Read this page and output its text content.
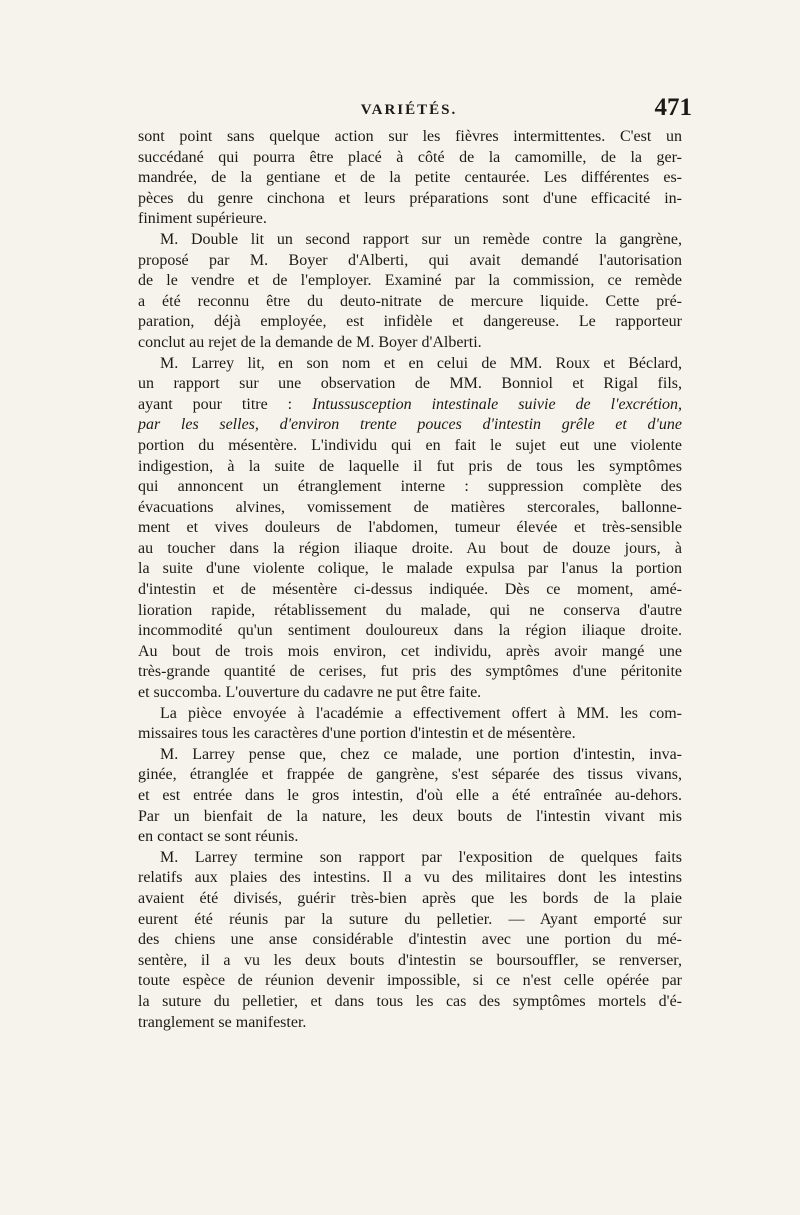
VARIÉTÉS.	471
sont point sans quelque action sur les fièvres intermittentes. C'est un
succédané qui pourra être placé à côté de la camomille, de la ger-
mandrée, de la gentiane et de la petite centaurée. Les différentes es-
pèces du genre cinchona et leurs préparations sont d'une efficacité in-
finiment supérieure.
M. Double lit un second rapport sur un remède contre la gangrène,
proposé par M. Boyer d'Alberti, qui avait demandé l'autorisation
de le vendre et de l'employer. Examiné par la commission, ce remède
a été reconnu être du deuto-nitrate de mercure liquide. Cette pré-
paration, déjà employée, est infidèle et dangereuse. Le rapporteur
conclut au rejet de la demande de M. Boyer d'Alberti.
M. Larrey lit, en son nom et en celui de MM. Roux et Béclard,
un rapport sur une observation de MM. Bonniol et Rigal fils,
ayant pour titre : Intussusception intestinale suivie de l'excrétion,
par les selles, d'environ trente pouces d'intestin grêle et d'une
portion du mésentère. L'individu qui en fait le sujet eut une violente
indigestion, à la suite de laquelle il fut pris de tous les symptômes
qui annoncent un étranglement interne : suppression complète des
évacuations alvines, vomissement de matières stercorales, ballonne-
ment et vives douleurs de l'abdomen, tumeur élevée et très-sensible
au toucher dans la région iliaque droite. Au bout de douze jours, à
la suite d'une violente colique, le malade expulsa par l'anus la portion
d'intestin et de mésentère ci-dessus indiquée. Dès ce moment, amé-
lioration rapide, rétablissement du malade, qui ne conserva d'autre
incommodité qu'un sentiment douloureux dans la région iliaque droite.
Au bout de trois mois environ, cet individu, après avoir mangé une
très-grande quantité de cerises, fut pris des symptômes d'une péritonite
et succomba. L'ouverture du cadavre ne put être faite.
La pièce envoyée à l'académie a effectivement offert à MM. les com-
missaires tous les caractères d'une portion d'intestin et de mésentère.
M. Larrey pense que, chez ce malade, une portion d'intestin, inva-
ginée, étranglée et frappée de gangrène, s'est séparée des tissus vivans,
et est entrée dans le gros intestin, d'où elle a été entraînée au-dehors.
Par un bienfait de la nature, les deux bouts de l'intestin vivant mis
en contact se sont réunis.
M. Larrey termine son rapport par l'exposition de quelques faits
relatifs aux plaies des intestins. Il a vu des militaires dont les intestins
avaient été divisés, guérir très-bien après que les bords de la plaie
eurent été réunis par la suture du pelletier. — Ayant emporté sur
des chiens une anse considérable d'intestin avec une portion du mé-
sentère, il a vu les deux bouts d'intestin se boursouffler, se renverser,
toute espèce de réunion devenir impossible, si ce n'est celle opérée par
la suture du pelletier, et dans tous les cas des symptômes mortels d'é-
tranglement se manifester.
